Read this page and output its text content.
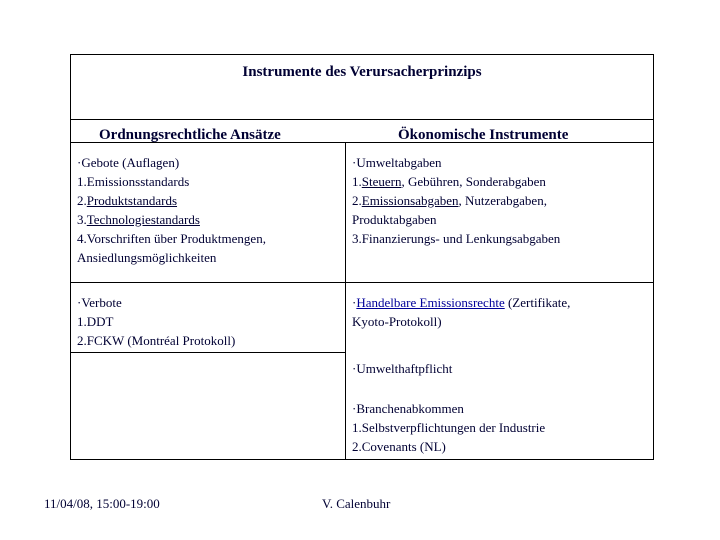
Instrumente des Verursacherprinzips
Ordnungsrechtliche Ansätze	Ökonomische Instrumente
·Gebote (Auflagen)
1.Emissionsstandards
2.Produktstandards
3.Technologiestandards
4.Vorschriften über Produktmengen,
Ansiedlungsmöglichkeiten
·Umweltabgaben
1.Steuern, Gebühren, Sonderabgaben
2.Emissionsabgaben, Nutzerabgaben,
Produktabgaben
3.Finanzierungs- und Lenkungsabgaben
·Verbote
1.DDT
2.FCKW (Montréal Protokoll)
·Handelbare Emissionsrechte (Zertifikate,
Kyoto-Protokoll)
·Umwelthaftpflicht
·Branchenabkommen
1.Selbstverpflichtungen der Industrie
2.Covenants (NL)
11/04/08, 15:00-19:00	V. Calenbuhr
